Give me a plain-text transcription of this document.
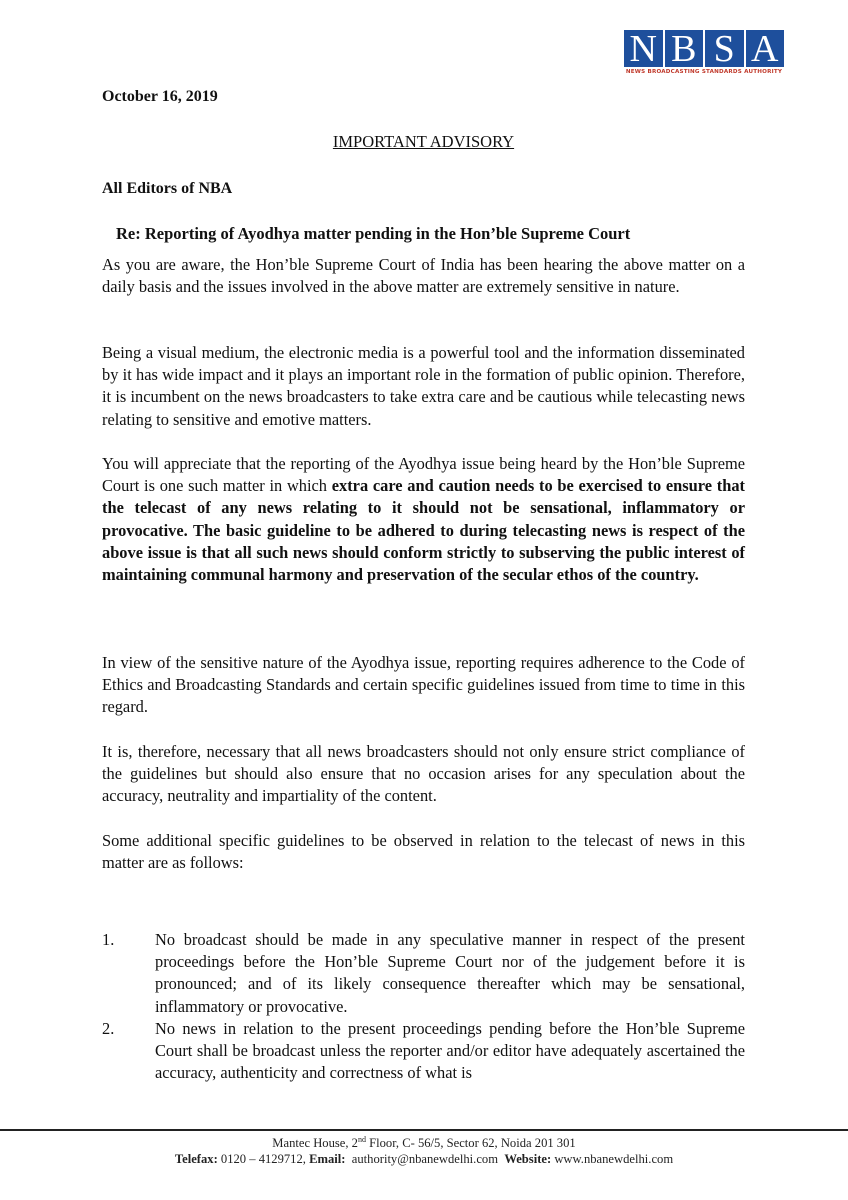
N B S A
NEWS BROADCASTING STANDARDS AUTHORITY
October 16, 2019
IMPORTANT ADVISORY
All Editors of NBA
Re: Reporting of Ayodhya matter pending in the Hon’ble Supreme Court

As you are aware, the Hon’ble Supreme Court of India has been hearing the above matter on a daily basis and the issues involved in the above matter are extremely sensitive in nature.

Being a visual medium, the electronic media is a powerful tool and the information disseminated by it has wide impact and it plays an important role in the formation of public opinion. Therefore, it is incumbent on the news broadcasters to take extra care and be cautious while telecasting news relating to sensitive and emotive matters.

You will appreciate that the reporting of the Ayodhya issue being heard by the Hon’ble Supreme Court is one such matter in which extra care and caution needs to be exercised to ensure that the telecast of any news relating to it should not be sensational, inflammatory or provocative. The basic guideline to be adhered to during telecasting news is respect of the above issue is that all such news should conform strictly to subserving the public interest of maintaining communal harmony and preservation of the secular ethos of the country.

In view of the sensitive nature of the Ayodhya issue, reporting requires adherence to the Code of Ethics and Broadcasting Standards and certain specific guidelines issued from time to time in this regard.

It is, therefore, necessary that all news broadcasters should not only ensure strict compliance of the guidelines but should also ensure that no occasion arises for any speculation about the accuracy, neutrality and impartiality of the content.

Some additional specific guidelines to be observed in relation to the telecast of news in this matter are as follows:

1.	No broadcast should be made in any speculative manner in respect of the present proceedings before the Hon’ble Supreme Court nor of the judgement before it is pronounced; and of its likely consequence thereafter which may be sensational, inflammatory or provocative.
2.	No news in relation to the present proceedings pending before the Hon’ble Supreme Court shall be broadcast unless the reporter and/or editor have adequately ascertained the accuracy, authenticity and correctness of what is
Mantec House, 2nd Floor, C- 56/5, Sector 62, Noida 201 301
Telefax: 0120 – 4129712, Email:  authority@nbanewdelhi.com  Website: www.nbanewdelhi.com
